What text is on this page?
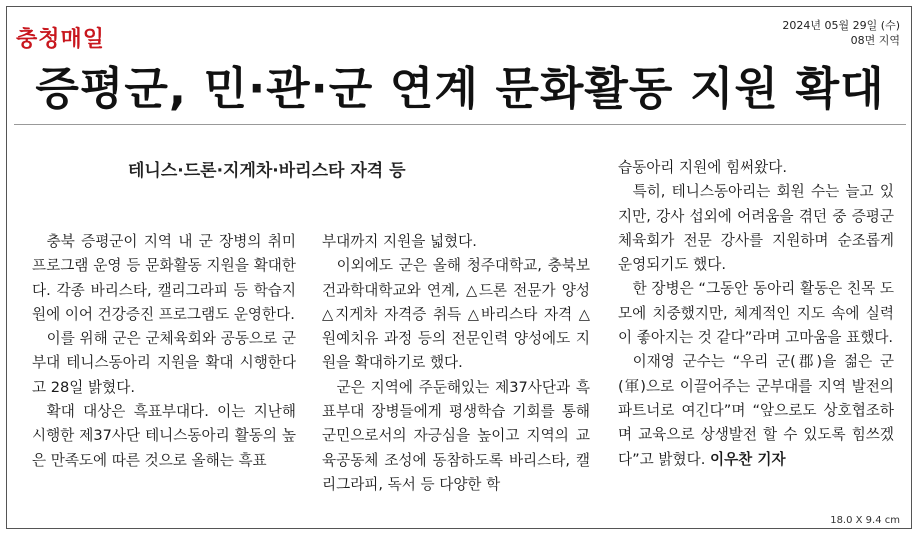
충청매일
2024년 05월 29일 (수)
08면 지역
증평군, 민·관·군 연계 문화활동 지원 확대
테니스·드론·지게차·바리스타 자격 등

충북 증평군이 지역 내 군 장병의 취미 프로그램 운영 등 문화활동 지원을 확대한다. 각종 바리스타, 캘리그라피 등 학습지원에 이어 건강증진 프로그램도 운영한다.

이를 위해 군은 군체육회와 공동으로 군부대 테니스동아리 지원을 확대 시행한다고 28일 밝혔다.

확대 대상은 흑표부대다. 이는 지난해 시행한 제37사단 테니스동아리 활동의 높은 만족도에 따른 것으로 올해는 흑표

부대까지 지원을 넓혔다.

이외에도 군은 올해 청주대학교, 충북보건과학대학교와 연계, △드론 전문가 양성 △지게차 자격증 취득 △바리스타 자격 △원예치유 과정 등의 전문인력 양성에도 지원을 확대하기로 했다.

군은 지역에 주둔해있는 제37사단과 흑표부대 장병들에게 평생학습 기회를 통해 군민으로서의 자긍심을 높이고 지역의 교육공동체 조성에 동참하도록 바리스타, 캘리그라피, 독서 등 다양한 학

습동아리 지원에 힘써왔다.

특히, 테니스동아리는 회원 수는 늘고 있지만, 강사 섭외에 어려움을 겪던 중 증평군체육회가 전문 강사를 지원하며 순조롭게 운영되기도 했다.

한 장병은 “그동안 동아리 활동은 친목 도모에 치중했지만, 체계적인 지도 속에 실력이 좋아지는 것 같다”라며 고마움을 표했다.

이재영 군수는 “우리 군(郡)을 젊은 군(軍)으로 이끌어주는 군부대를 지역 발전의 파트너로 여긴다”며 “앞으로도 상호협조하며 교육으로 상생발전 할 수 있도록 힘쓰겠다”고 밝혔다. 이우찬 기자

18.0 X 9.4 cm
